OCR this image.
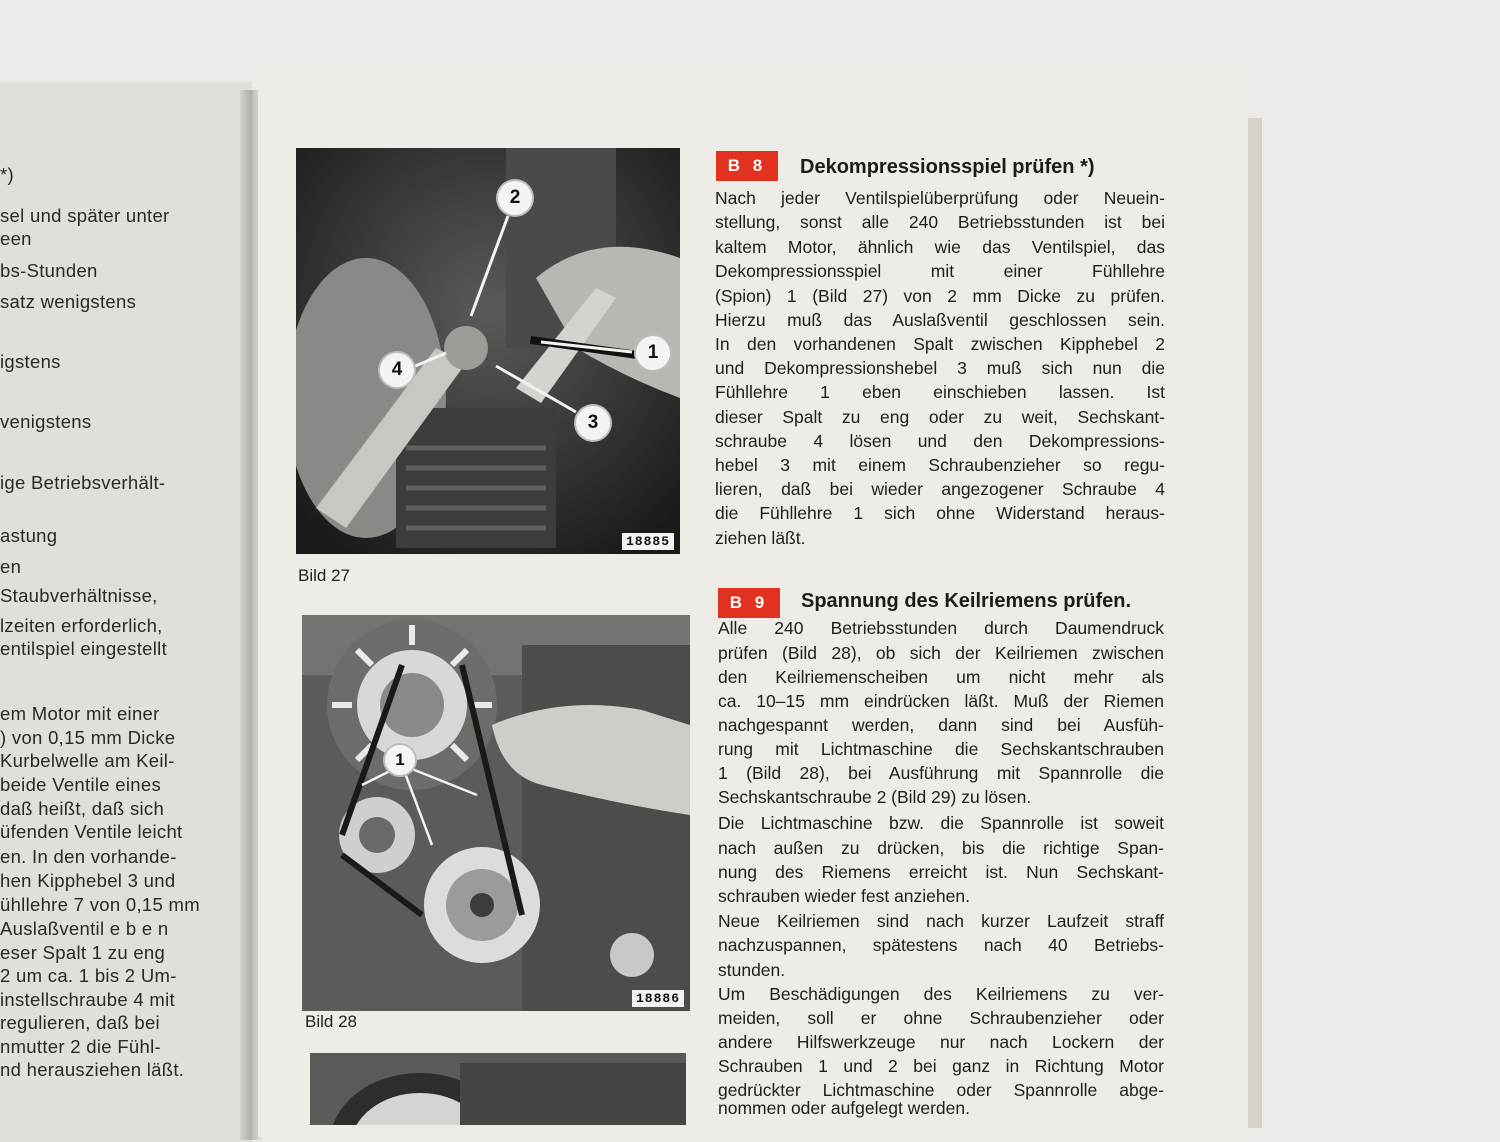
*)
sel und später unter
een
bs-Stunden
satz wenigstens
igstens
venigstens
ige Betriebsverhält-
astung
en
Staubverhältnisse,
lzeiten erforderlich,
entilspiel eingestellt
em Motor mit einer
) von 0,15 mm Dicke
Kurbelwelle am Keil-
beide Ventile eines
daß heißt, daß sich
üfenden Ventile leicht
en. In den vorhande-
hen Kipphebel 3 und
ühllehre 7 von 0,15 mm
Auslaßventil e b e n
eser Spalt 1 zu eng
2 um ca. 1 bis 2 Um-
instellschraube 4 mit
regulieren, daß bei
nmutter 2 die Fühl-
nd herausziehen läßt.
2
1
4
3
18885
Bild 27
1
18886
Bild 28
B 8	Dekompressionsspiel prüfen *)
Nach jeder Ventilspielüberprüfung oder Neuein-
stellung, sonst alle 240 Betriebsstunden ist bei
kaltem Motor, ähnlich wie das Ventilspiel, das
Dekompressionsspiel mit einer Fühllehre
(Spion) 1 (Bild 27) von 2 mm Dicke zu prüfen.
Hierzu muß das Auslaßventil geschlossen sein.
In den vorhandenen Spalt zwischen Kipphebel 2
und Dekompressionshebel 3 muß sich nun die
Fühllehre 1 eben einschieben lassen. Ist
dieser Spalt zu eng oder zu weit, Sechskant-
schraube 4 lösen und den Dekompressions-
hebel 3 mit einem Schraubenzieher so regu-
lieren, daß bei wieder angezogener Schraube 4
die Fühllehre 1 sich ohne Widerstand heraus-
ziehen läßt.
B 9	Spannung des Keilriemens prüfen.
Alle 240 Betriebsstunden durch Daumendruck
prüfen (Bild 28), ob sich der Keilriemen zwischen
den Keilriemenscheiben um nicht mehr als
ca. 10–15 mm eindrücken läßt. Muß der Riemen
nachgespannt werden, dann sind bei Ausfüh-
rung mit Lichtmaschine die Sechskantschrauben
1 (Bild 28), bei Ausführung mit Spannrolle die
Sechskantschraube 2 (Bild 29) zu lösen.
Die Lichtmaschine bzw. die Spannrolle ist soweit
nach außen zu drücken, bis die richtige Span-
nung des Riemens erreicht ist. Nun Sechskant-
schrauben wieder fest anziehen.
Neue Keilriemen sind nach kurzer Laufzeit straff
nachzuspannen, spätestens nach 40 Betriebs-
stunden.
Um Beschädigungen des Keilriemens zu ver-
meiden, soll er ohne Schraubenzieher oder
andere Hilfswerkzeuge nur nach Lockern der
Schrauben 1 und 2 bei ganz in Richtung Motor
gedrückter Lichtmaschine oder Spannrolle abge-
nommen oder aufgelegt werden.
